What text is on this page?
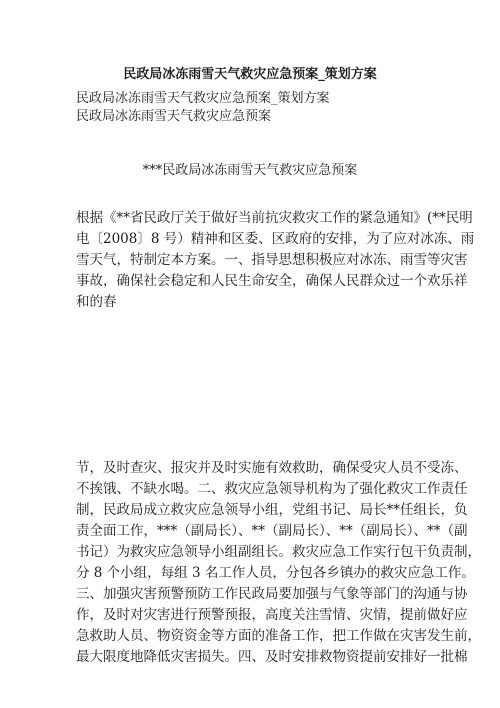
民政局冰冻雨雪天气救灾应急预案_策划方案
民政局冰冻雨雪天气救灾应急预案_策划方案
民政局冰冻雨雪天气救灾应急预案
***民政局冰冻雨雪天气救灾应急预案
根据《**省民政厅关于做好当前抗灾救灾工作的紧急通知》(**民明
电〔2008〕8 号）精神和区委、区政府的安排，为了应对冰冻、雨
雪天气，特制定本方案。一、指导思想积极应对冰冻、雨雪等灾害
事故，确保社会稳定和人民生命安全，确保人民群众过一个欢乐祥
和的春
节，及时查灾、报灾并及时实施有效救助，确保受灾人员不受冻、
不挨饿、不缺水喝。二、救灾应急领导机构为了强化救灾工作责任
制，民政局成立救灾应急领导小组，党组书记、局长**任组长，负
责全面工作，***（副局长）、**（副局长）、**（副局长）、**（副
书记）为救灾应急领导小组副组长。救灾应急工作实行包干负责制，
分 8 个小组，每组 3 名工作人员，分包各乡镇办的救灾应急工作。
三、加强灾害预警预防工作民政局要加强与气象等部门的沟通与协
作，及时对灾害进行预警预报，高度关注雪情、灾情，提前做好应
急救助人员、物资资金等方面的准备工作，把工作做在灾害发生前，
最大限度地降低灾害损失。四、及时安排救物资提前安排好一批棉
